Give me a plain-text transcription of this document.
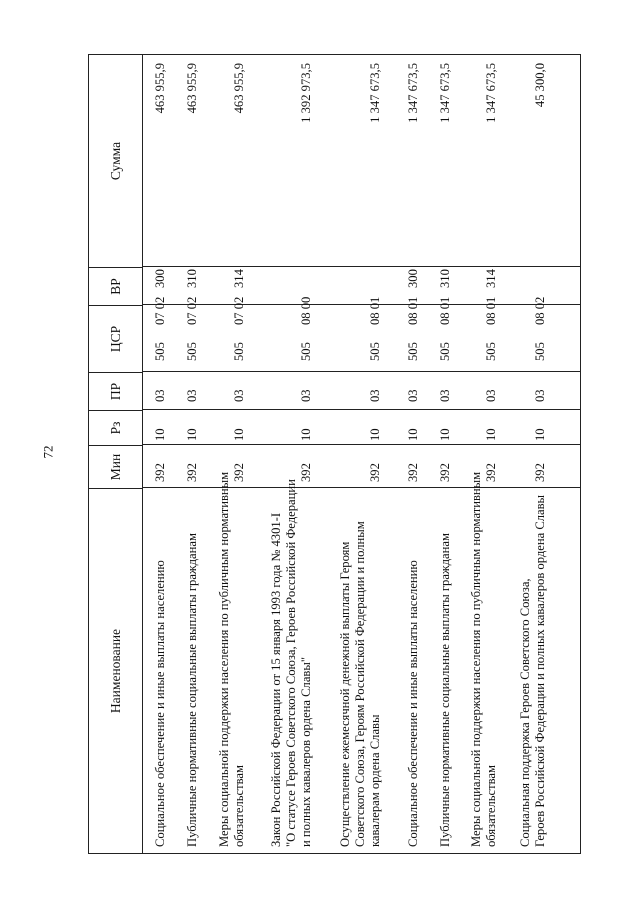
72
Наименование
Мин
Рз
ПР
ЦСР
ВР
Сумма
Социальное обеспечение и иные выплаты населению
392
10
03
505
07 02
300
463 955,9
Публичные нормативные социальные выплаты гражданам
392
10
03
505
07 02
310
463 955,9
Меры социальной поддержки населения по публичным нормативным обязательствам
392
10
03
505
07 02
314
463 955,9
Закон Российской Федерации от 15 января 1993 года № 4301-I "О статусе Героев Советского Союза, Героев Российской Федерации и полных кавалеров ордена Славы"
392
10
03
505
08 00
1 392 973,5
Осуществление ежемесячной денежной выплаты Героям Советского Союза, Героям Российской Федерации и полным кавалерам ордена Славы
392
10
03
505
08 01
1 347 673,5
Социальное обеспечение и иные выплаты населению
392
10
03
505
08 01
300
1 347 673,5
Публичные нормативные социальные выплаты гражданам
392
10
03
505
08 01
310
1 347 673,5
Меры социальной поддержки населения по публичным нормативным обязательствам
392
10
03
505
08 01
314
1 347 673,5
Социальная поддержка Героев Советского Союза, Героев Российской Федерации и полных кавалеров ордена Славы
392
10
03
505
08 02
45 300,0
